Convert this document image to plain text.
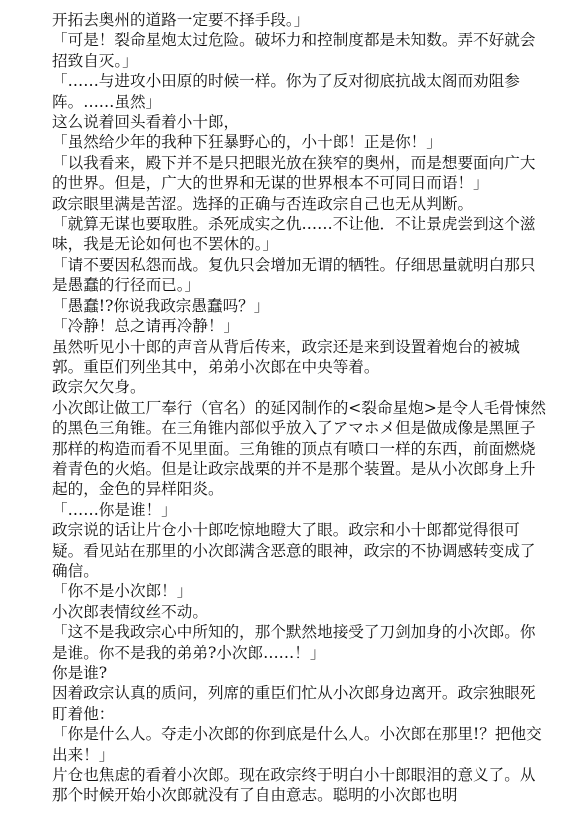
开拓去奥州的道路一定要不择手段。」

「可是！裂命星炮太过危险。破坏力和控制度都是未知数。弄不好就会招致自灭。」

「……与进攻小田原的时候一样。你为了反对彻底抗战太阁而劝阻参阵。……虽然」

这么说着回头看着小十郎，

「虽然给少年的我种下狂暴野心的，小十郎！正是你！」

「以我看来，殿下并不是只把眼光放在狭窄的奥州，而是想要面向广大的世界。但是，广大的世界和无谋的世界根本不可同日而语！」

政宗眼里满是苦涩。选择的正确与否连政宗自己也无从判断。

「就算无谋也要取胜。杀死成实之仇……不让他．不让景虎尝到这个滋味，我是无论如何也不罢休的。」

「请不要因私怨而战。复仇只会增加无谓的牺牲。仔细思量就明白那只是愚蠢的行径而已。」

「愚蠢!?你说我政宗愚蠢吗？」

「冷静！总之请再冷静！」

虽然听见小十郎的声音从背后传来，政宗还是来到设置着炮台的被城郭。重臣们列坐其中，弟弟小次郎在中央等着。

政宗欠欠身。

小次郎让做工厂奉行（官名）的延冈制作的<裂命星炮>是令人毛骨悚然的黑色三角锥。在三角锥内部似乎放入了アマホメ但是做成像是黑匣子那样的构造而看不见里面。三角锥的顶点有喷口一样的东西，前面燃烧着青色的火焰。但是让政宗战栗的并不是那个装置。是从小次郎身上升起的，金色的异样阳炎。

「……你是谁！」

政宗说的话让片仓小十郎吃惊地瞪大了眼。政宗和小十郎都觉得很可疑。看见站在那里的小次郎满含恶意的眼神，政宗的不协调感转变成了确信。

「你不是小次郎！」

小次郎表情纹丝不动。

「这不是我政宗心中所知的，那个默然地接受了刀剑加身的小次郎。你是谁。你不是我的弟弟?小次郎……！」

你是谁?

因着政宗认真的质问，列席的重臣们忙从小次郎身边离开。政宗独眼死盯着他：

「你是什么人。夺走小次郎的你到底是什么人。小次郎在那里!？把他交出来！」

片仓也焦虑的看着小次郎。现在政宗终于明白小十郎眼泪的意义了。从那个时候开始小次郎就没有了自由意志。聪明的小次郎也明
